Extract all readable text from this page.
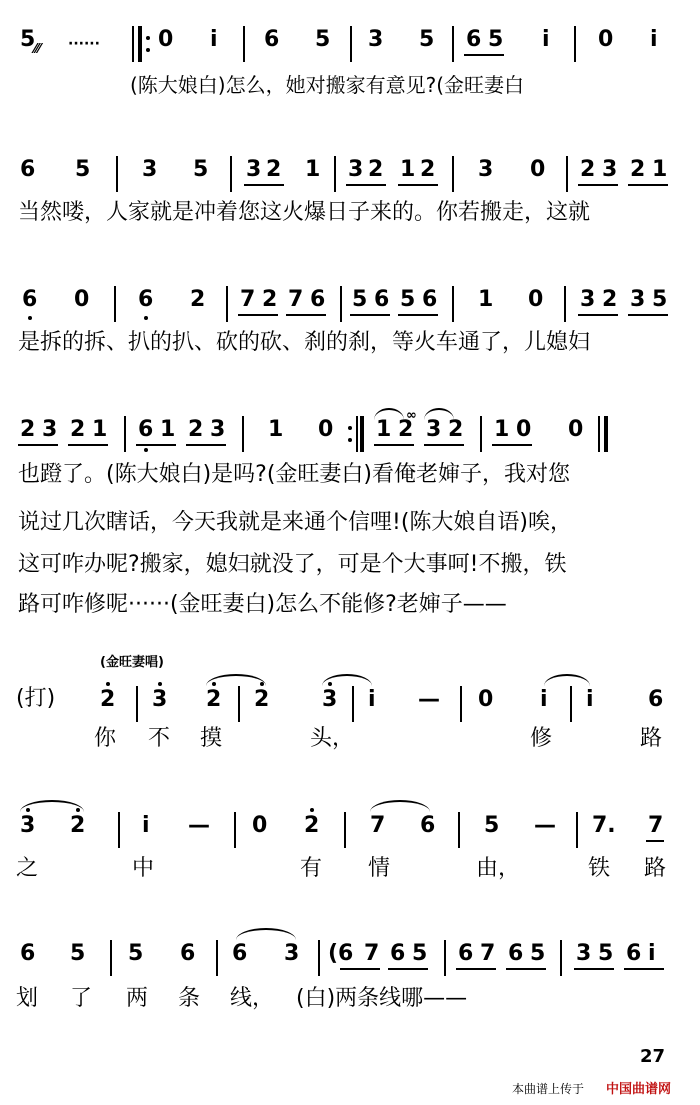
5
⁄⁄⁄ ······	0 i 6 5 3 5 6 5 i 0 i
(陈大娘白)怎么，她对搬家有意见?(金旺妻白
6 5 3 5 3 2 1 3 2 1 2 3 0 2 3 2 1
当然喽，人家就是冲着您这火爆日子来的。你若搬走，这就
6 0 6 2 7 2 7 6 5 6 5 6 1 0 3 2 3 5
是拆的拆、扒的扒、砍的砍、刹的刹，等火车通了，儿媳妇
2 3 2 1 6 1 2 3 1 0
∞
1 2 3 2 1 0 0
也蹬了。(陈大娘白)是吗?(金旺妻白)看俺老婶子，我对您
说过几次瞎话，今天我就是来通个信哩!(陈大娘自语)唉，
这可咋办呢?搬家，媳妇就没了，可是个大事呵!不搬，铁
路可咋修呢······(金旺妻白)怎么不能修?老婶子——
(金旺妻唱)
(打) 2 3 2 2 3 i — 0 i i 6
你 不 摸	头，	修	路
3 2	i — 0 2 7 6 5 — 7. 7
之	中	有 情	由，	铁 路
6 5 5 6 6 3 (6 7 6 5 6 7 6 5 3 5 6 i
划 了 两 条 线， (白)两条线哪——
27
本曲谱上传于 中国曲谱网
